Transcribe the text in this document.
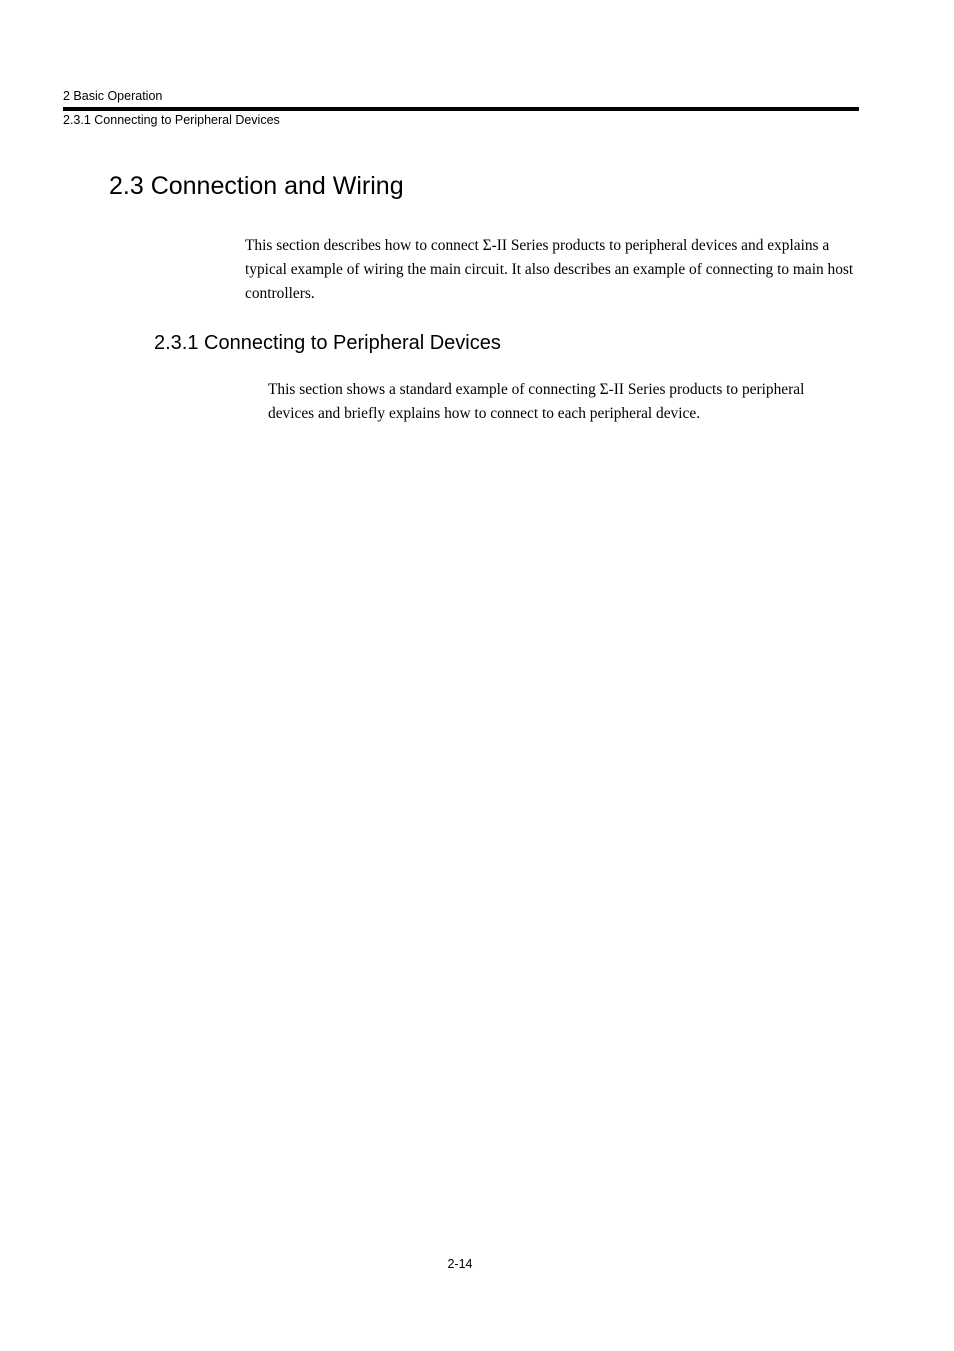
2 Basic Operation
2.3.1 Connecting to Peripheral Devices
2.3 Connection and Wiring

This section describes how to connect Σ-II Series products to peripheral devices and explains a typical example of wiring the main circuit. It also describes an example of connecting to main host controllers.

2.3.1 Connecting to Peripheral Devices

This section shows a standard example of connecting Σ-II Series products to peripheral devices and briefly explains how to connect to each peripheral device.

2-14
